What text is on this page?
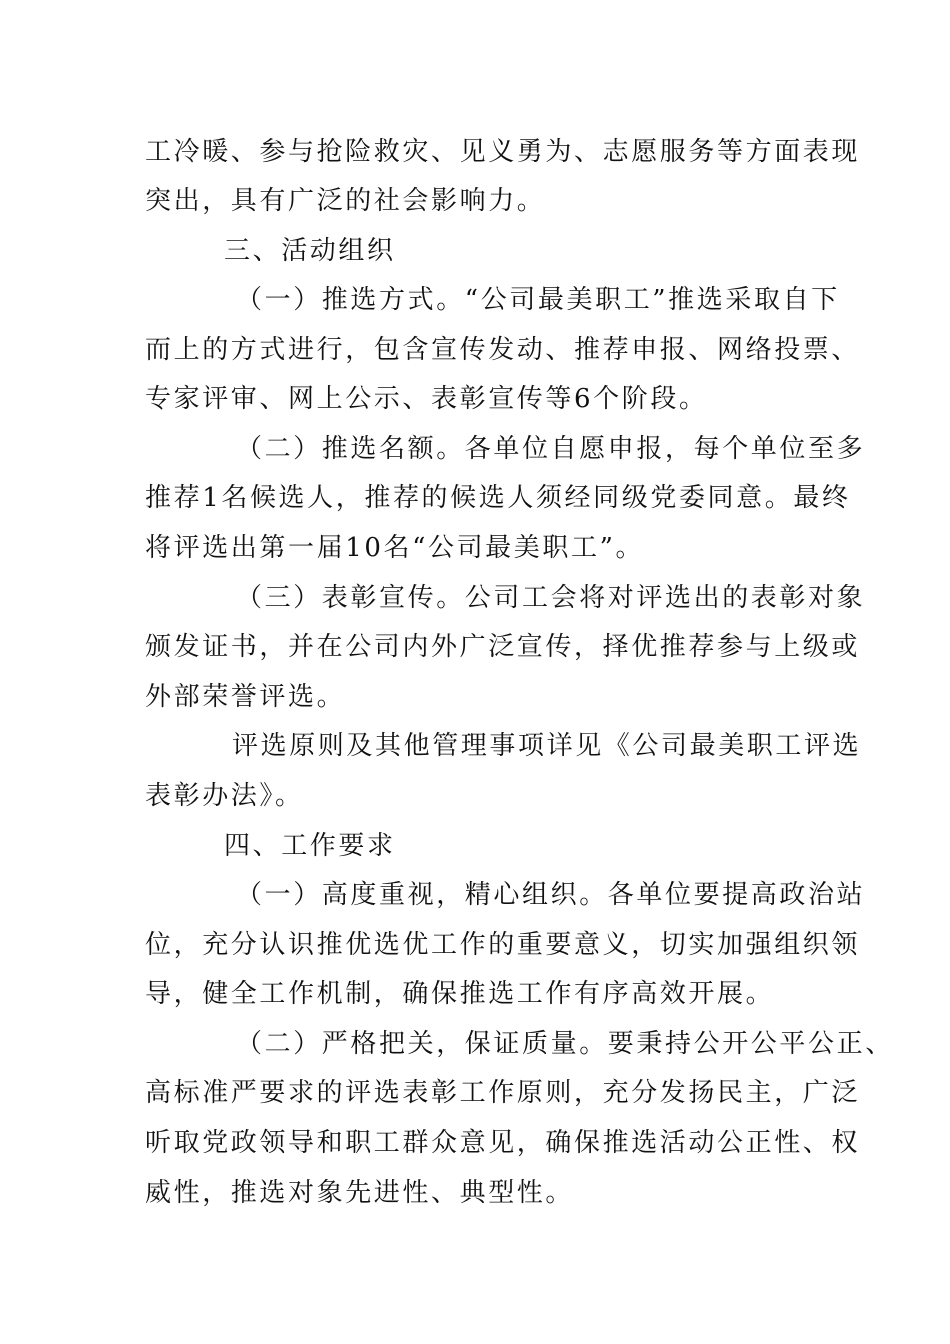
工冷暖、参与抢险救灾、见义勇为、志愿服务等方面表现
突出，具有广泛的社会影响力。
三、活动组织
（一）推选方式。“公司最美职工”推选采取自下
而上的方式进行，包含宣传发动、推荐申报、网络投票、
专家评审、网上公示、表彰宣传等6个阶段。
（二）推选名额。各单位自愿申报，每个单位至多
推荐1名候选人，推荐的候选人须经同级党委同意。最终
将评选出第一届10名“公司最美职工”。
（三）表彰宣传。公司工会将对评选出的表彰对象
颁发证书，并在公司内外广泛宣传，择优推荐参与上级或
外部荣誉评选。
评选原则及其他管理事项详见《公司最美职工评选
表彰办法》。
四、工作要求
（一）高度重视，精心组织。各单位要提高政治站
位，充分认识推优选优工作的重要意义，切实加强组织领
导，健全工作机制，确保推选工作有序高效开展。
（二）严格把关，保证质量。要秉持公开公平公正、
高标准严要求的评选表彰工作原则，充分发扬民主，广泛
听取党政领导和职工群众意见，确保推选活动公正性、权
威性，推选对象先进性、典型性。
